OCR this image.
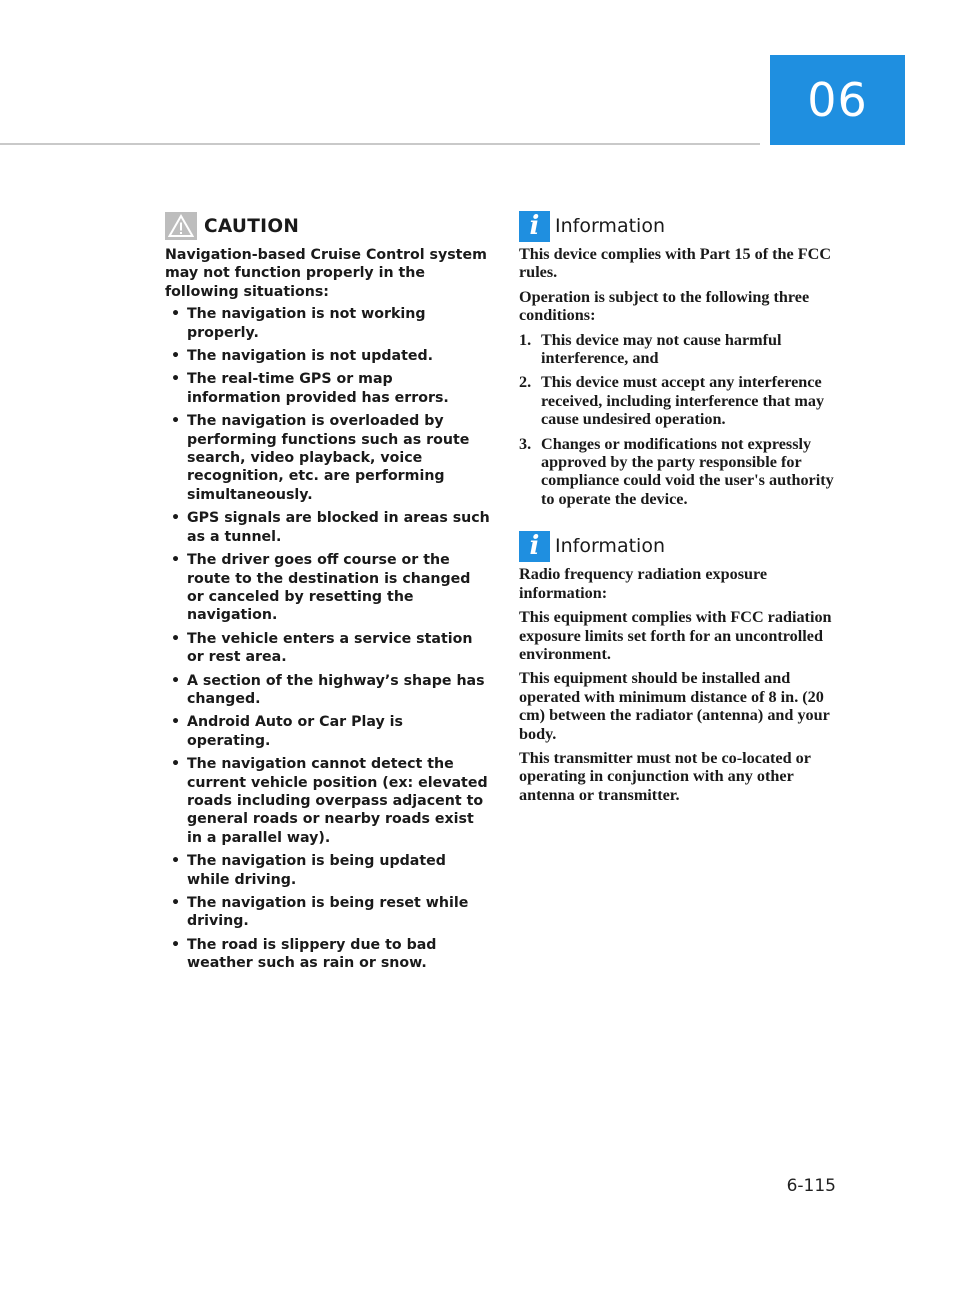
06
CAUTION

Navigation-based Cruise Control system may not function properly in the following situations:

• The navigation is not working properly.
• The navigation is not updated.
• The real-time GPS or map information provided has errors.
• The navigation is overloaded by performing functions such as route search, video playback, voice recognition, etc. are performing simultaneously.
• GPS signals are blocked in areas such as a tunnel.
• The driver goes off course or the route to the destination is changed or canceled by resetting the navigation.
• The vehicle enters a service station or rest area.
• A section of the highway’s shape has changed.
• Android Auto or Car Play is operating.
• The navigation cannot detect the current vehicle position (ex: elevated roads including overpass adjacent to general roads or nearby roads exist in a parallel way).
• The navigation is being updated while driving.
• The navigation is being reset while driving.
• The road is slippery due to bad weather such as rain or snow.
i Information

This device complies with Part 15 of the FCC rules.

Operation is subject to the following three conditions:

1. This device may not cause harmful interference, and
2. This device must accept any interference received, including interference that may cause undesired operation.
3. Changes or modifications not expressly approved by the party responsible for compliance could void the user's authority to operate the device.
i Information

Radio frequency radiation exposure information:

This equipment complies with FCC radiation exposure limits set forth for an uncontrolled environment.

This equipment should be installed and operated with minimum distance of 8 in. (20 cm) between the radiator (antenna) and your body.

This transmitter must not be co-located or operating in conjunction with any other antenna or transmitter.

6-115
